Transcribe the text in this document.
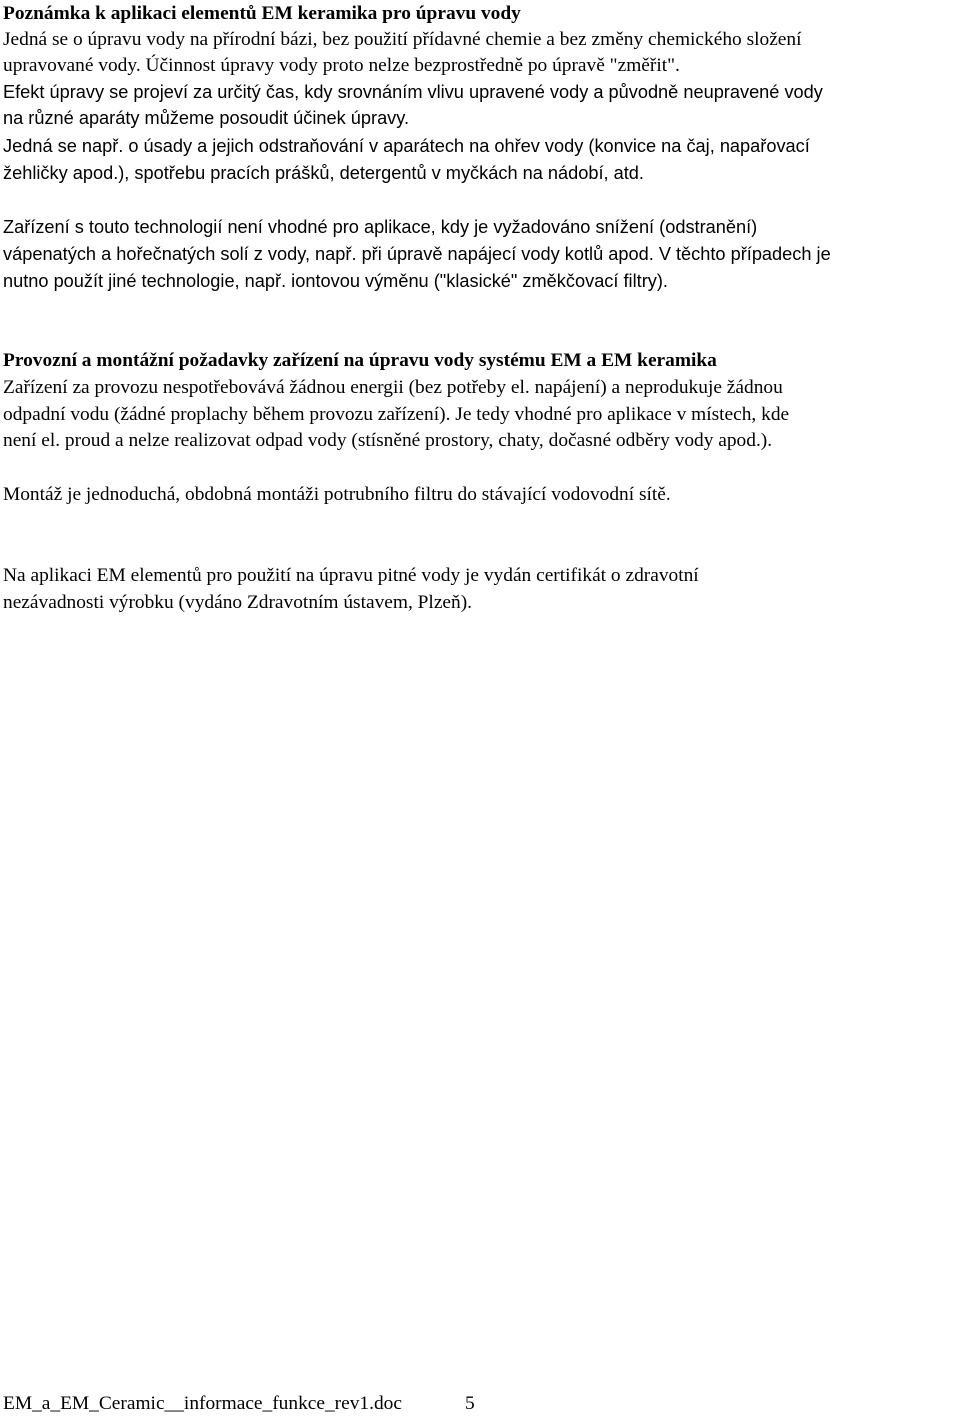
Poznámka k aplikaci elementů EM keramika pro úpravu vody
Jedná se o úpravu vody na přírodní bázi, bez použití přídavné chemie a bez změny chemického složení
upravované vody. Účinnost úpravy vody proto nelze bezprostředně po úpravě "změřit".
Efekt úpravy se projeví za určitý čas, kdy srovnáním vlivu upravené vody a původně neupravené vody
na různé aparáty můžeme posoudit účinek úpravy.
Jedná se např. o úsady a jejich odstraňování v aparátech na ohřev vody (konvice na čaj, napařovací
žehličky apod.), spotřebu pracích prášků, detergentů v myčkách na nádobí, atd.
Zařízení s touto technologií není vhodné pro aplikace, kdy je vyžadováno snížení (odstranění)
vápenatých a hořečnatých solí z vody, např. při úpravě napájecí vody kotlů apod. V těchto případech je
nutno použít jiné technologie, např. iontovou výměnu ("klasické" změkčovací filtry).
Provozní a montážní požadavky zařízení na úpravu vody systému EM a EM keramika
Zařízení za provozu nespotřebovává žádnou energii (bez potřeby el. napájení) a neprodukuje žádnou
odpadní vodu (žádné proplachy během provozu zařízení). Je tedy vhodné pro aplikace v místech, kde
není el. proud a nelze realizovat odpad vody (stísněné prostory, chaty, dočasné odběry vody apod.).
Montáž je jednoduchá, obdobná montáži potrubního filtru do stávající vodovodní sítě.
Na aplikaci EM elementů pro použití na úpravu pitné vody je vydán certifikát o zdravotní
nezávadnosti výrobku (vydáno Zdravotním ústavem, Plzeň).
EM_a_EM_Ceramic__informace_funkce_rev1.doc	5
